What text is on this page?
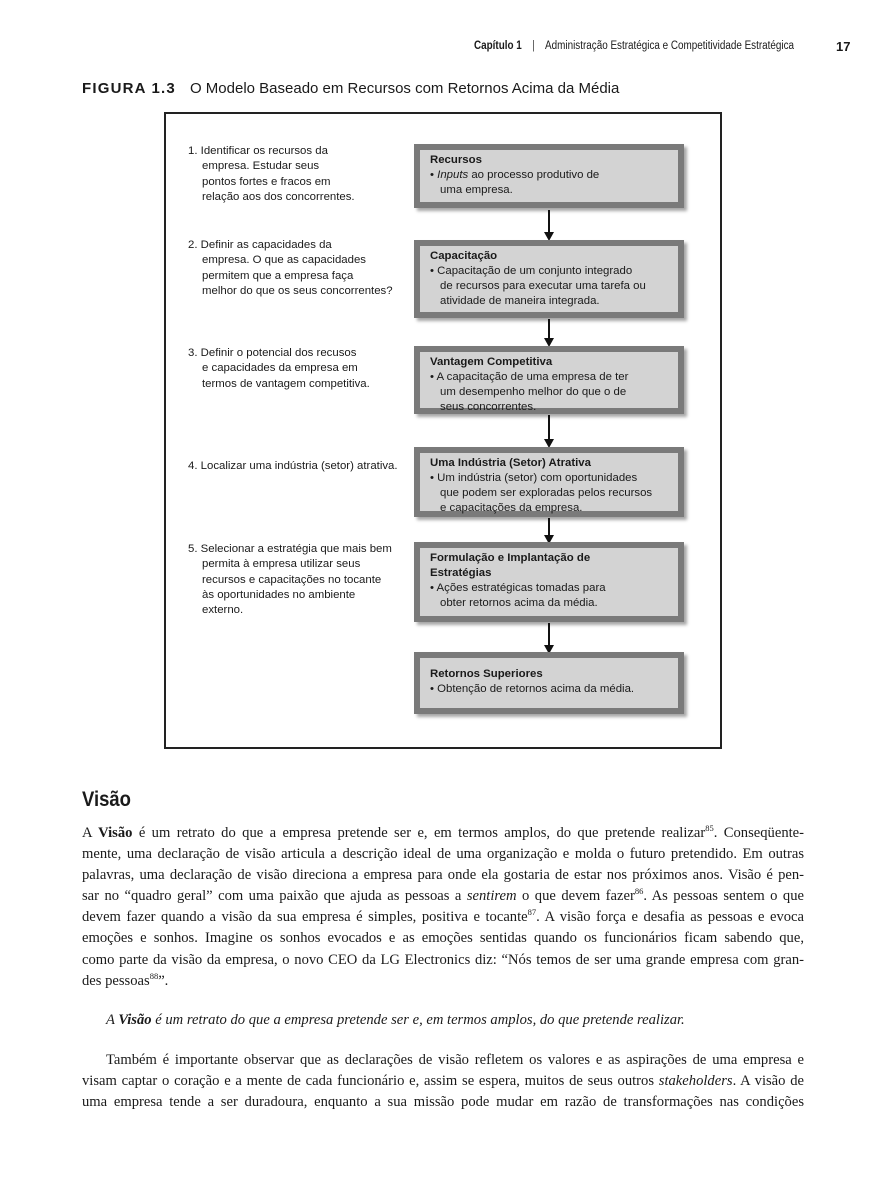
Capítulo 1 | Administração Estratégica e Competitividade Estratégica	17
FIGURA 1.3 O Modelo Baseado em Recursos com Retornos Acima da Média
1. Identificar os recursos da
empresa. Estudar seus
pontos fortes e fracos em
relação aos dos concorrentes.
2. Definir as capacidades da
empresa. O que as capacidades
permitem que a empresa faça
melhor do que os seus concorrentes?
3. Definir o potencial dos recusos
e capacidades da empresa em
termos de vantagem competitiva.
4. Localizar uma indústria (setor) atrativa.
5. Selecionar a estratégia que mais bem
permita à empresa utilizar seus
recursos e capacitações no tocante
às oportunidades no ambiente
externo.
Recursos
• Inputs ao processo produtivo de
uma empresa.
Capacitação
• Capacitação de um conjunto integrado
de recursos para executar uma tarefa ou
atividade de maneira integrada.
Vantagem Competitiva
• A capacitação de uma empresa de ter
um desempenho melhor do que o de
seus concorrentes.
Uma Indústria (Setor) Atrativa
• Um indústria (setor) com oportunidades
que podem ser exploradas pelos recursos
e capacitações da empresa.
Formulação e Implantação de
Estratégias
• Ações estratégicas tomadas para
obter retornos acima da média.
Retornos Superiores
• Obtenção de retornos acima da média.
Visão
A Visão é um retrato do que a empresa pretende ser e, em termos amplos, do que pretende realizar$^{85}$. Conseqüente-
mente, uma declaração de visão articula a descrição ideal de uma organização e molda o futuro pretendido. Em outras
palavras, uma declaração de visão direciona a empresa para onde ela gostaria de estar nos próximos anos. Visão é pen-
sar no “quadro geral” com uma paixão que ajuda as pessoas a sentirem o que devem fazer$^{86}$. As pessoas sentem o que
devem fazer quando a visão da sua empresa é simples, positiva e tocante$^{87}$. A visão força e desafia as pessoas e evoca
emoções e sonhos. Imagine os sonhos evocados e as emoções sentidas quando os funcionários ficam sabendo que,
como parte da visão da empresa, o novo CEO da LG Electronics diz: “Nós temos de ser uma grande empresa com gran-
des pessoas$^{88}$”.
A Visão é um retrato do que a empresa pretende ser e, em termos amplos, do que pretende realizar.
Também é importante observar que as declarações de visão refletem os valores e as aspirações de uma empresa e
visam captar o coração e a mente de cada funcionário e, assim se espera, muitos de seus outros stakeholders. A visão de
uma empresa tende a ser duradoura, enquanto a sua missão pode mudar em razão de transformações nas condições
